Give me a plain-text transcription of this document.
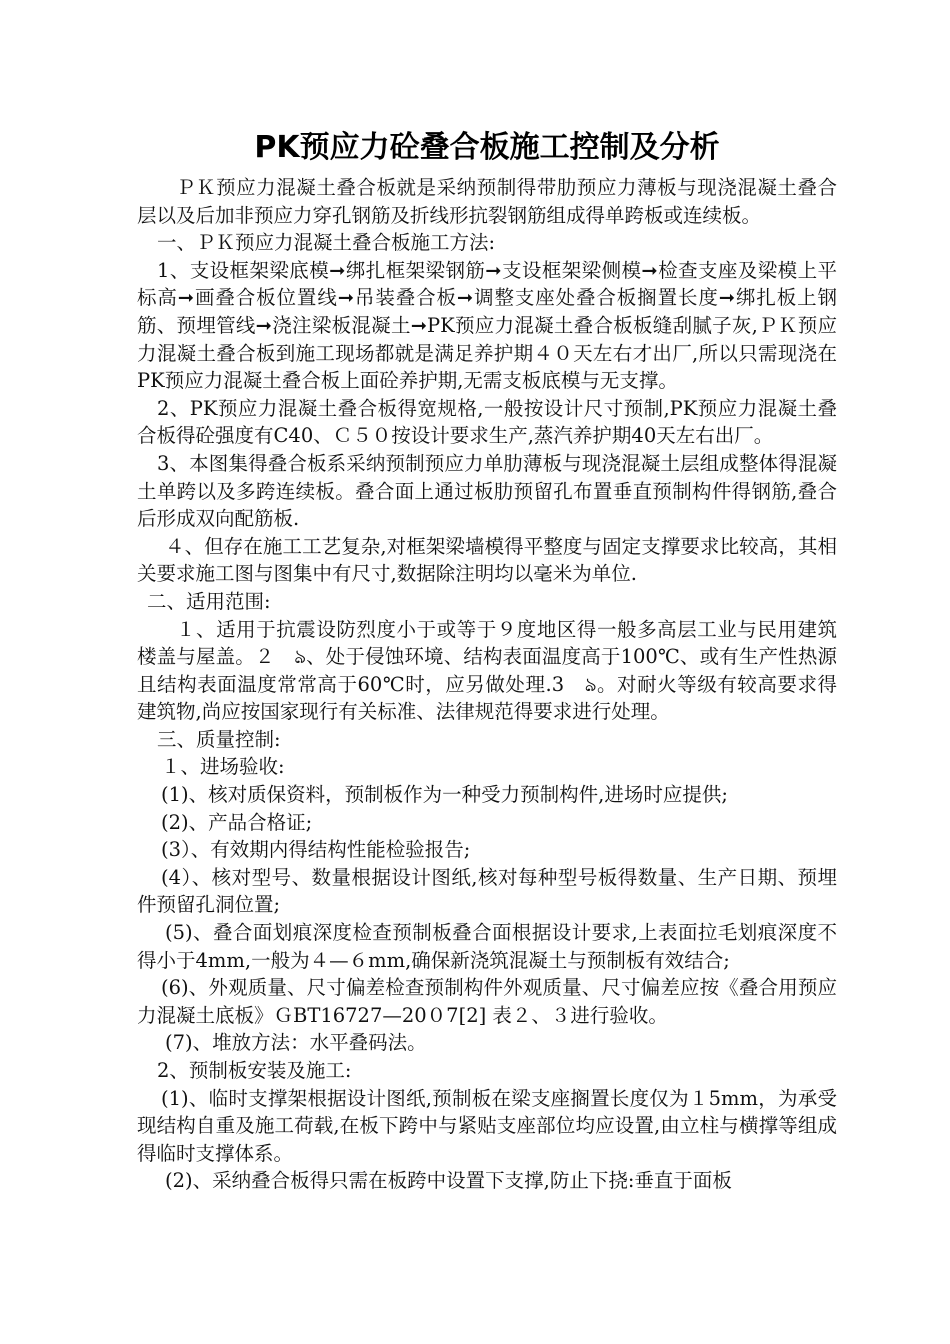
PK预应力砼叠合板施工控制及分析

ＰＫ预应力混凝土叠合板就是采纳预制得带肋预应力薄板与现浇混凝土叠合层以及后加非预应力穿孔钢筋及折线形抗裂钢筋组成得单跨板或连续板。

一、ＰＫ预应力混凝土叠合板施工方法:

1、支设框架梁底模➞绑扎框架梁钢筋➞支设框架梁侧模➞检查支座及梁模上平标高➞画叠合板位置线➞吊装叠合板➞调整支座处叠合板搁置长度➞绑扎板上钢筋、预埋管线➞浇注梁板混凝土➞PK预应力混凝土叠合板板缝刮腻子灰,ＰＫ预应力混凝土叠合板到施工现场都就是满足养护期４０天左右才出厂,所以只需现浇在PK预应力混凝土叠合板上面砼养护期,无需支板底模与无支撑。

2、PK预应力混凝土叠合板得宽规格,一般按设计尺寸预制,PK预应力混凝土叠合板得砼强度有C40、Ｃ５０按设计要求生产,蒸汽养护期40天左右出厂。

3、本图集得叠合板系采纳预制预应力单肋薄板与现浇混凝土层组成整体得混凝土单跨以及多跨连续板。叠合面上通过板肋预留孔布置垂直预制构件得钢筋,叠合后形成双向配筋板.

４、但存在施工工艺复杂,对框架梁墙模得平整度与固定支撑要求比较高，其相关要求施工图与图集中有尺寸,数据除注明均以毫米为单位.

二、适用范围:

１、适用于抗震设防烈度小于或等于９度地区得一般多高层工业与民用建筑楼盖与屋盖。２　ঌ、处于侵蚀环境、结构表面温度高于100℃、或有生产性热源且结构表面温度常常高于60℃时，应另做处理.3　ঌ。对耐火等级有较高要求得建筑物,尚应按国家现行有关标准、法律规范得要求进行处理。

三、质量控制:

１、进场验收:

(1)、核对质保资料，预制板作为一种受力预制构件,进场时应提供;

(2)、产品合格证;

(3）、有效期内得结构性能检验报告;

(4）、核对型号、数量根据设计图纸,核对每种型号板得数量、生产日期、预埋件预留孔洞位置;

(5)、叠合面划痕深度检查预制板叠合面根据设计要求,上表面拉毛划痕深度不得小于4mm,一般为４—６mm,确保新浇筑混凝土与预制板有效结合;

(6)、外观质量、尺寸偏差检查预制构件外观质量、尺寸偏差应按《叠合用预应力混凝土底板》ＧBT16727—20０7[2] 表２、３进行验收。

(7)、堆放方法：水平叠码法。

2、预制板安装及施工:

(1)、临时支撑架根据设计图纸,预制板在梁支座搁置长度仅为１5mm，为承受现结构自重及施工荷载,在板下跨中与紧贴支座部位均应设置,由立柱与横撑等组成得临时支撑体系。

(2)、采纳叠合板得只需在板跨中设置下支撑,防止下挠:垂直于面板
